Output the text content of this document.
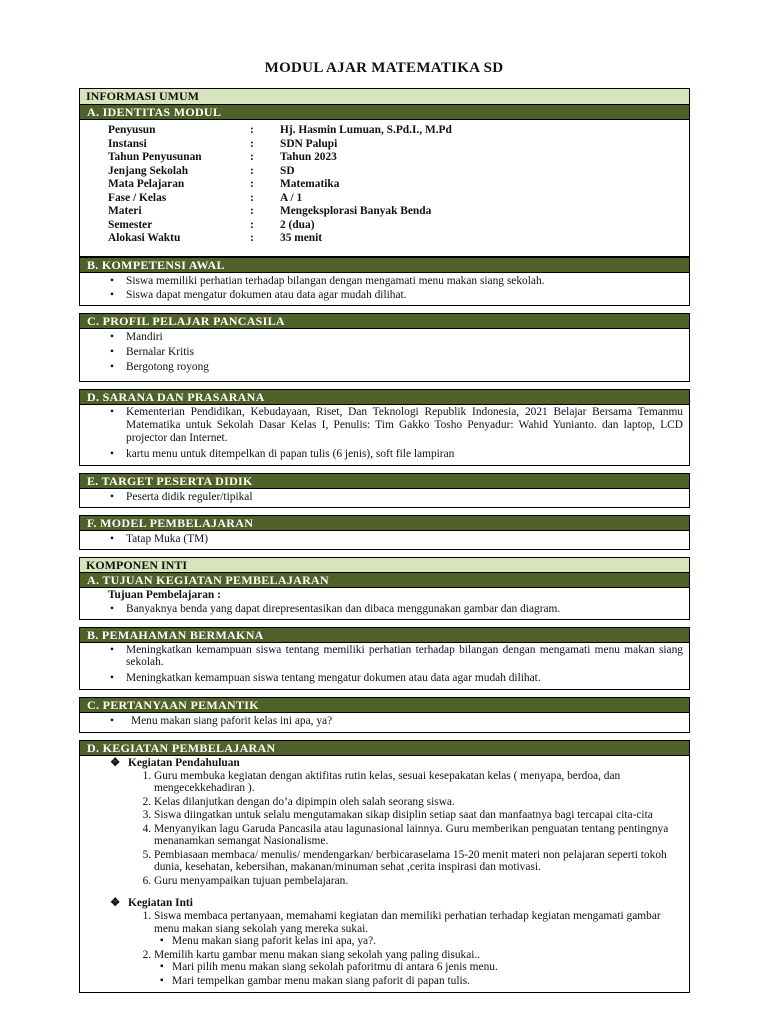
MODUL AJAR MATEMATIKA SD
INFORMASI UMUM
A. IDENTITAS MODUL
Penyusun	:	Hj. Hasmin Lumuan, S.Pd.I., M.Pd
Instansi	:	SDN Palupi
Tahun Penyusunan	:	Tahun 2023
Jenjang Sekolah	:	SD
Mata Pelajaran	:	Matematika
Fase / Kelas	:	A / 1
Materi	:	Mengeksplorasi Banyak Benda
Semester	:	2 (dua)
Alokasi Waktu	:	35 menit
B. KOMPETENSI AWAL
• Siswa memiliki perhatian terhadap bilangan dengan mengamati menu makan siang sekolah.
• Siswa dapat mengatur dokumen atau data agar mudah dilihat.
C. PROFIL PELAJAR PANCASILA
• Mandiri
• Bernalar Kritis
• Bergotong royong
D. SARANA DAN PRASARANA
• Kementerian Pendidikan, Kebudayaan, Riset, Dan Teknologi Republik Indonesia, 2021 Belajar Bersama Temanmu Matematika untuk Sekolah Dasar Kelas I, Penulis: Tim Gakko Tosho Penyadur: Wahid Yunianto. dan laptop, LCD projector dan Internet.
• kartu menu untuk ditempelkan di papan tulis (6 jenis), soft file lampiran
E. TARGET PESERTA DIDIK
• Peserta didik reguler/tipikal
F. MODEL PEMBELAJARAN
• Tatap Muka (TM)
KOMPONEN INTI
A. TUJUAN KEGIATAN PEMBELAJARAN
Tujuan Pembelajaran :
• Banyaknya benda yang dapat direpresentasikan dan dibaca menggunakan gambar dan diagram.
B. PEMAHAMAN BERMAKNA
• Meningkatkan kemampuan siswa tentang memiliki perhatian terhadap bilangan dengan mengamati menu makan siang sekolah.
• Meningkatkan kemampuan siswa tentang mengatur dokumen atau data agar mudah dilihat.
C. PERTANYAAN PEMANTIK
• Menu makan siang paforit kelas ini apa, ya?
D. KEGIATAN PEMBELAJARAN
❖ Kegiatan Pendahuluan
1. Guru membuka kegiatan dengan aktifitas rutin kelas, sesuai kesepakatan kelas ( menyapa, berdoa, dan mengecekkehadiran ).
2. Kelas dilanjutkan dengan do’a dipimpin oleh salah seorang siswa.
3. Siswa diingatkan untuk selalu mengutamakan sikap disiplin setiap saat dan manfaatnya bagi tercapai cita-cita
4. Menyanyikan lagu Garuda Pancasila atau lagunasional lainnya. Guru memberikan penguatan tentang pentingnya menanamkan semangat Nasionalisme.
5. Pembiasaan membaca/ menulis/ mendengarkan/ berbicaraselama 15-20 menit materi non pelajaran seperti tokoh dunia, kesehatan, kebersihan, makanan/minuman sehat ,cerita inspirasi dan motivasi.
6. Guru menyampaikan tujuan pembelajaran.
❖ Kegiatan Inti
1. Siswa membaca pertanyaan, memahami kegiatan dan memiliki perhatian terhadap kegiatan mengamati gambar menu makan siang sekolah yang mereka sukai.
▪ Menu makan siang paforit kelas ini apa, ya?.
2. Memilih kartu gambar menu makan siang sekolah yang paling disukai..
▪ Mari pilih menu makan siang sekolah paforitmu di antara 6 jenis menu.
▪ Mari tempelkan gambar menu makan siang paforit di papan tulis.
